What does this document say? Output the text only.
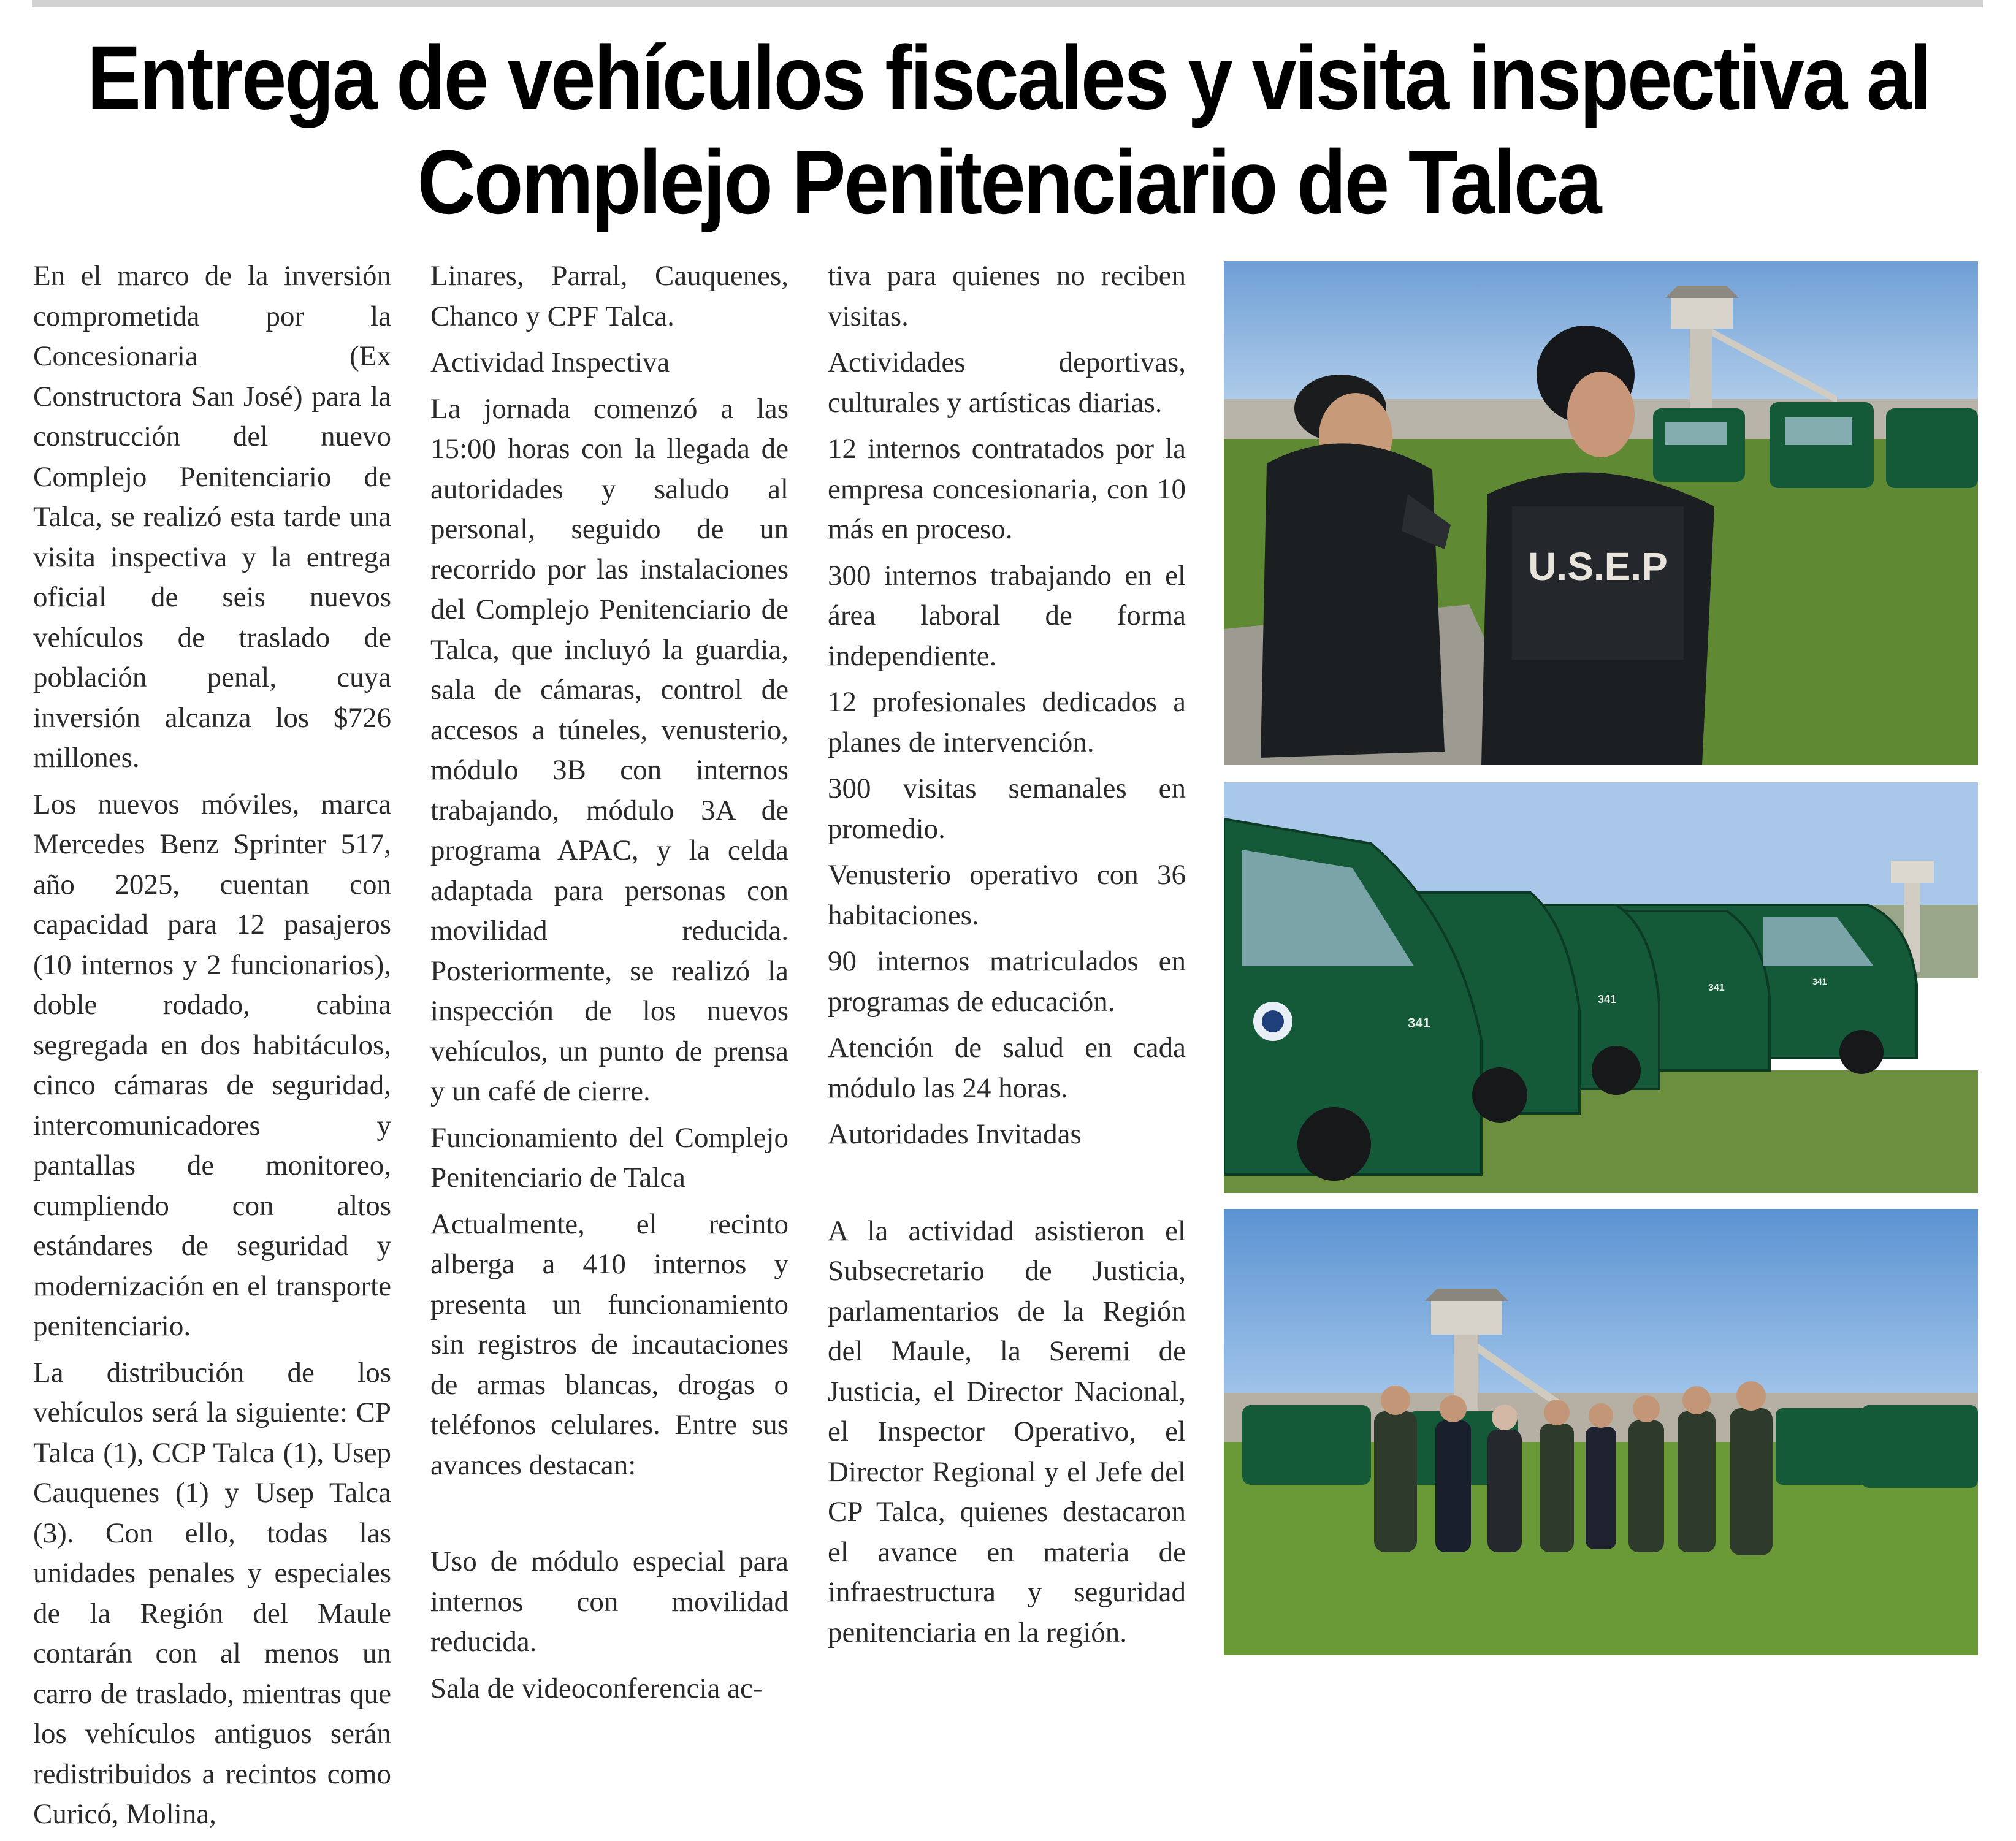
Entrega de vehículos fiscales y visita inspectiva al
Complejo Penitenciario de Talca

En el marco de la inversión comprometida por la Concesionaria (Ex Constructora San José) para la construcción del nuevo Complejo Penitenciario de Talca, se realizó esta tarde una visita inspectiva y la entrega oficial de seis nuevos vehículos de traslado de población penal, cuya inversión alcanza los $726 millones.

Los nuevos móviles, marca Mercedes Benz Sprinter 517, año 2025, cuentan con capacidad para 12 pasajeros (10 internos y 2 funcionarios), doble rodado, cabina segregada en dos habitáculos, cinco cámaras de seguridad, intercomunicadores y pantallas de monitoreo, cumpliendo con altos estándares de seguridad y modernización en el transporte penitenciario.

La distribución de los vehículos será la siguiente: CP Talca (1), CCP Talca (1), Usep Cauquenes (1) y Usep Talca (3). Con ello, todas las unidades penales y especiales de la Región del Maule contarán con al menos un carro de traslado, mientras que los vehículos antiguos serán redistribuidos a recintos como Curicó, Molina,

Linares, Parral, Cauquenes, Chanco y CPF Talca.

Actividad Inspectiva

La jornada comenzó a las 15:00 horas con la llegada de autoridades y saludo al personal, seguido de un recorrido por las instalaciones del Complejo Penitenciario de Talca, que incluyó la guardia, sala de cámaras, control de accesos a túneles, venusterio, módulo 3B con internos trabajando, módulo 3A de programa APAC, y la celda adaptada para personas con movilidad reducida. Posteriormente, se realizó la inspección de los nuevos vehículos, un punto de prensa y un café de cierre.

Funcionamiento del Complejo Penitenciario de Talca

Actualmente, el recinto alberga a 410 internos y presenta un funcionamiento sin registros de incautaciones de armas blancas, drogas o teléfonos celulares. Entre sus avances destacan:

Uso de módulo especial para internos con movilidad reducida.

Sala de videoconferencia ac-

tiva para quienes no reciben visitas.

Actividades deportivas, culturales y artísticas diarias.

12 internos contratados por la empresa concesionaria, con 10 más en proceso.

300 internos trabajando en el área laboral de forma independiente.

12 profesionales dedicados a planes de intervención.

300 visitas semanales en promedio.

Venusterio operativo con 36 habitaciones.

90 internos matriculados en programas de educación.

Atención de salud en cada módulo las 24 horas.

Autoridades Invitadas

A la actividad asistieron el Subsecretario de Justicia, parlamentarios de la Región del Maule, la Seremi de Justicia, el Director Nacional, el Inspector Operativo, el Director Regional y el Jefe del CP Talca, quienes destacaron el avance en materia de infraestructura y seguridad penitenciaria en la región.

U.S.E.P
341
341
341
341
